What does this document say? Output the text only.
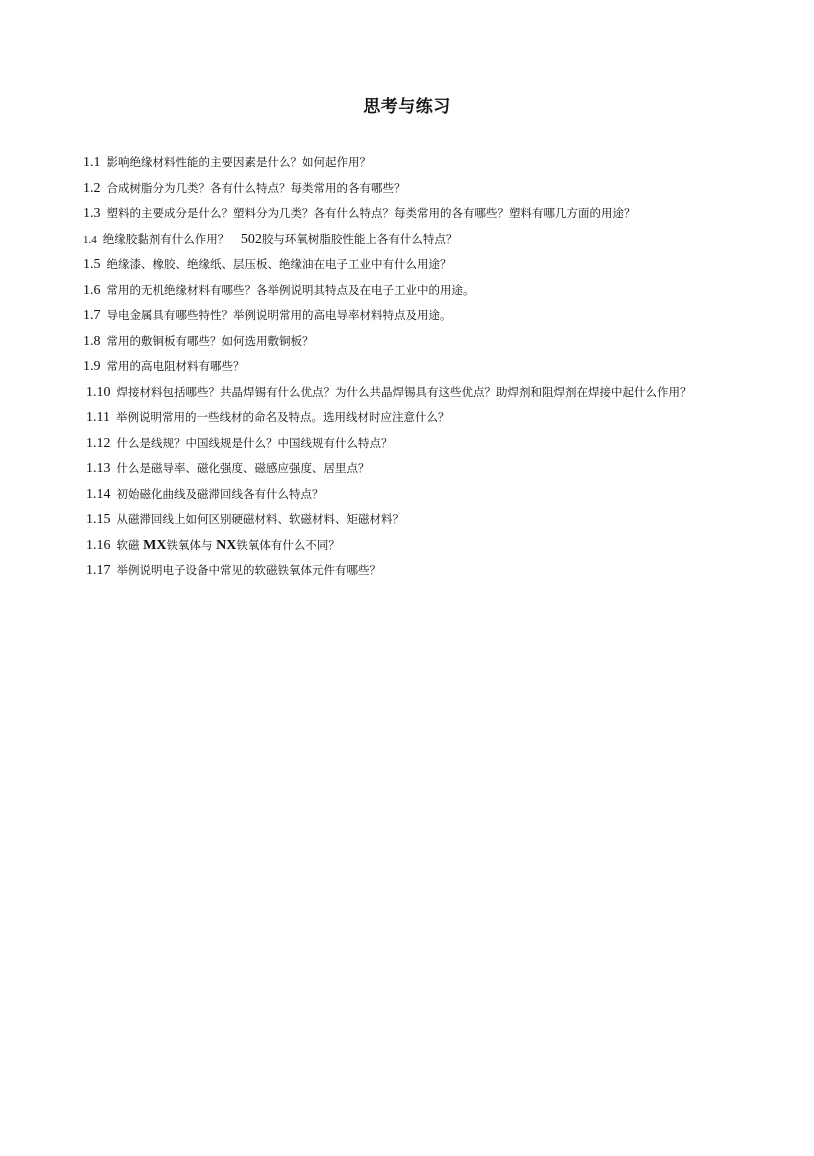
思考与练习
1.1 影响绝缘材料性能的主要因素是什么？如何起作用？
1.2 合成树脂分为几类？各有什么特点？每类常用的各有哪些？
1.3 塑料的主要成分是什么？塑料分为几类？各有什么特点？每类常用的各有哪些？塑料有哪几方面的用途？
1.4 绝缘胶黏剂有什么作用？ 502胶与环氧树脂胶性能上各有什么特点？
1.5 绝缘漆、橡胶、绝缘纸、层压板、绝缘油在电子工业中有什么用途？
1.6 常用的无机绝缘材料有哪些？各举例说明其特点及在电子工业中的用途。
1.7 导电金属具有哪些特性？举例说明常用的高电导率材料特点及用途。
1.8 常用的敷铜板有哪些？如何选用敷铜板？
1.9 常用的高电阻材料有哪些？
1.10 焊接材料包括哪些？共晶焊锡有什么优点？为什么共晶焊锡具有这些优点？助焊剂和阻焊剂在焊接中起什么作用？
1.11 举例说明常用的一些线材的命名及特点。选用线材时应注意什么？
1.12 什么是线规？中国线规是什么？中国线规有什么特点？
1.13 什么是磁导率、磁化强度、磁感应强度、居里点？
1.14 初始磁化曲线及磁滞回线各有什么特点？
1.15 从磁滞回线上如何区别硬磁材料、软磁材料、矩磁材料？
1.16 软磁 MX铁氧体与 NX铁氧体有什么不同？
1.17 举例说明电子设备中常见的软磁铁氧体元件有哪些？
